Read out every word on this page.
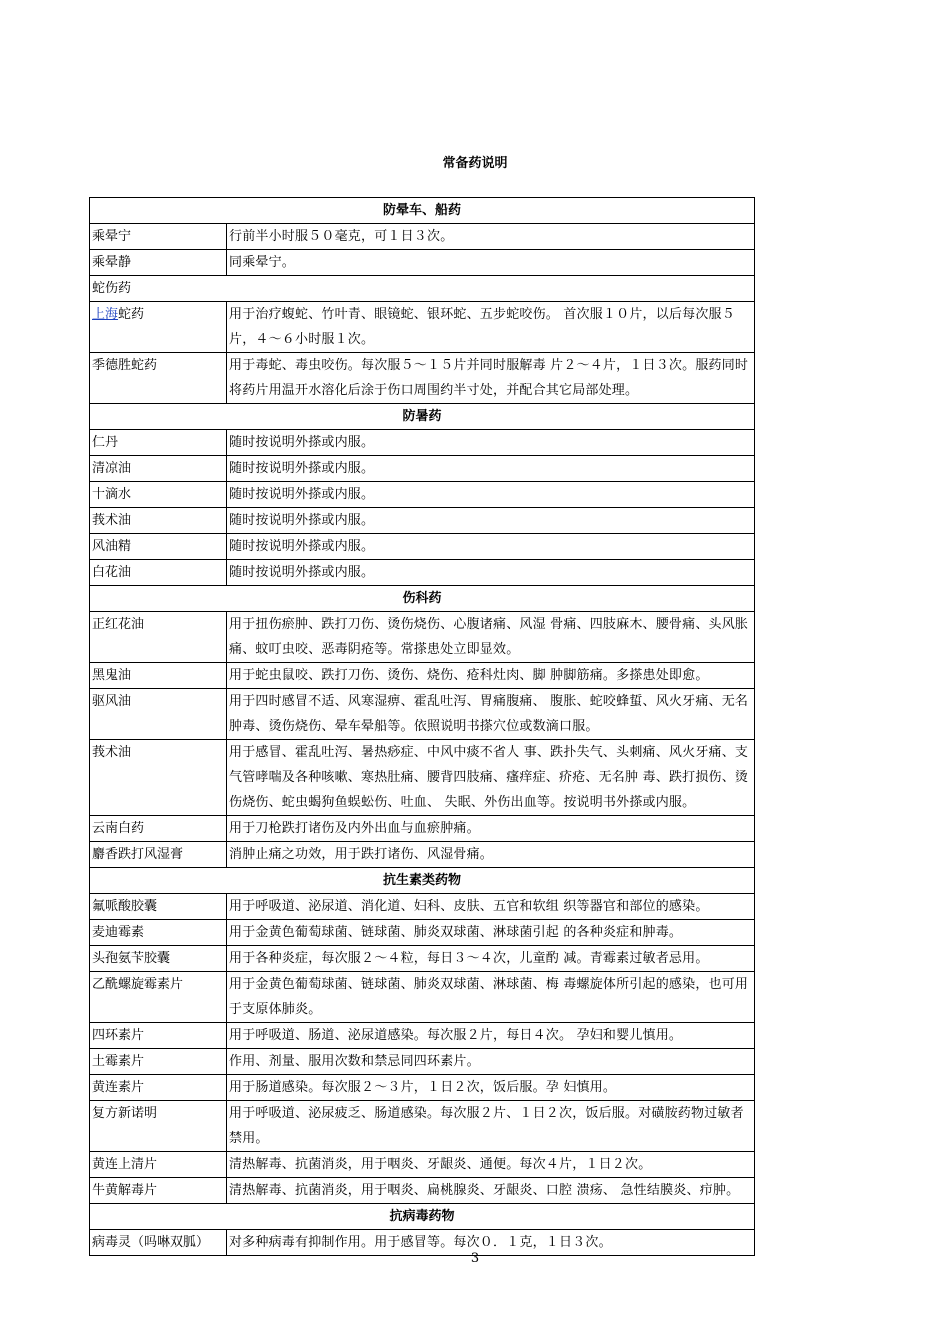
常备药说明
防晕车、船药	
乘晕宁	行前半小时服５０毫克，可１日３次。
乘晕静	同乘晕宁。
蛇伤药	
上海蛇药	用于治疗蝮蛇、竹叶青、眼镜蛇、银环蛇、五步蛇咬伤。 首次服１０片，以后每次服５片，４～６小时服１次。
季德胜蛇药	用于毒蛇、毒虫咬伤。每次服５～１５片并同时服解毒 片２～４片，１日３次。服药同时将药片用温开水溶化后涂于伤口周围约半寸处，并配合其它局部处理。
防暑药	
仁丹	随时按说明外搽或内服。
清凉油	随时按说明外搽或内服。
十滴水	随时按说明外搽或内服。
莪术油	随时按说明外搽或内服。
风油精	随时按说明外搽或内服。
白花油	随时按说明外搽或内服。
伤科药	
正红花油	用于扭伤瘀肿、跌打刀伤、烫伤烧伤、心腹诸痛、风湿 骨痛、四肢麻木、腰骨痛、头风胀痛、蚊叮虫咬、恶毒阴疮等。常搽患处立即显效。
黑鬼油	用于蛇虫鼠咬、跌打刀伤、烫伤、烧伤、疮科灶肉、脚 肿脚筋痛。多搽患处即愈。
驱风油	用于四时感冒不适、风寒湿痹、霍乱吐泻、胃痛腹痛、 腹胀、蛇咬蜂蜇、风火牙痛、无名肿毒、烫伤烧伤、晕车晕船等。依照说明书搽穴位或数滴口服。
莪术油	用于感冒、霍乱吐泻、暑热痧症、中风中痰不省人 事、跌扑失气、头刺痛、风火牙痛、支气管哮喘及各种咳嗽、寒热肚痛、腰背四肢痛、瘙痒症、疥疮、无名肿 毒、跌打损伤、烫伤烧伤、蛇虫蝎狗鱼蜈蚣伤、吐血、 失眠、外伤出血等。按说明书外搽或内服。
云南白药	用于刀枪跌打诸伤及内外出血与血瘀肿痛。
麝香跌打风湿膏	消肿止痛之功效，用于跌打诸伤、风湿骨痛。
抗生素类药物	
氟哌酸胶囊	用于呼吸道、泌尿道、消化道、妇科、皮肤、五官和软组 织等器官和部位的感染。
麦迪霉素	用于金黄色葡萄球菌、链球菌、肺炎双球菌、淋球菌引起 的各种炎症和肿毒。
头孢氨苄胶囊	用于各种炎症，每次服２～４粒，每日３～４次，儿童酌 减。青霉素过敏者忌用。
乙酰螺旋霉素片	用于金黄色葡萄球菌、链球菌、肺炎双球菌、淋球菌、梅 毒螺旋体所引起的感染，也可用于支原体肺炎。
四环素片	用于呼吸道、肠道、泌尿道感染。每次服２片，每日４次。 孕妇和婴儿慎用。
土霉素片	作用、剂量、服用次数和禁忌同四环素片。
黄连素片	用于肠道感染。每次服２～３片，１日２次，饭后服。孕 妇慎用。
复方新诺明	用于呼吸道、泌尿疲乏、肠道感染。每次服２片、１日２次，饭后服。对磺胺药物过敏者禁用。
黄连上清片	清热解毒、抗菌消炎，用于咽炎、牙龈炎、通便。每次４片，１日２次。
牛黄解毒片	清热解毒、抗菌消炎，用于咽炎、扁桃腺炎、牙龈炎、口腔 溃疡、 急性结膜炎、疖肿。
抗病毒药物	
病毒灵（吗啉双胍）	对多种病毒有抑制作用。用于感冒等。每次０．１克，１日３次。
3
